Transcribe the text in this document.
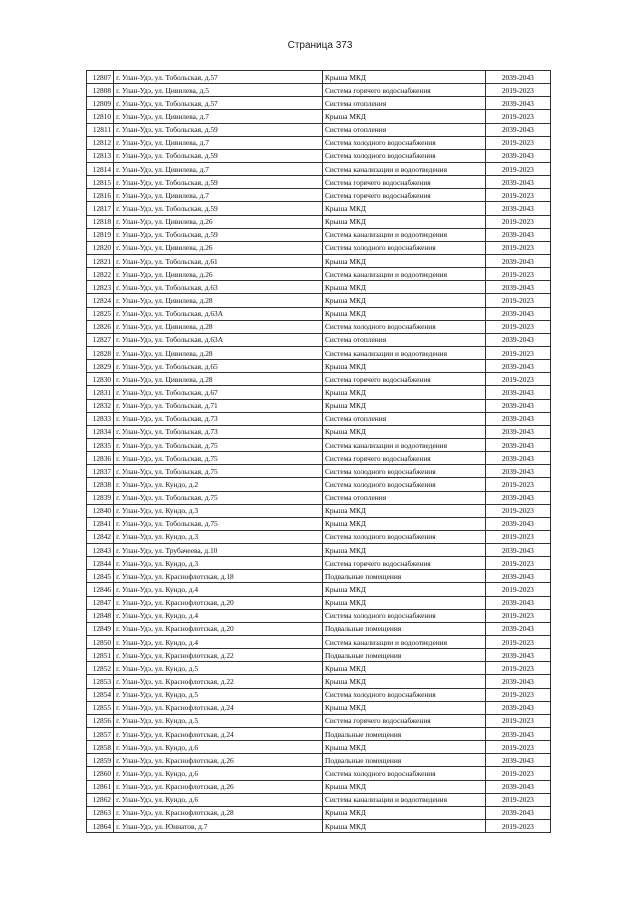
Страница 373
12807	г. Улан-Удэ, ул. Тобольская, д.57	Крыша МКД	2039-2043
12808	г. Улан-Удэ, ул. Цивилева, д.5	Система горячего водоснабжения	2019-2023
12809	г. Улан-Удэ, ул. Тобольская, д.57	Система отопления	2039-2043
12810	г. Улан-Удэ, ул. Цивилева, д.7	Крыша МКД	2019-2023
12811	г. Улан-Удэ, ул. Тобольская, д.59	Система отопления	2039-2043
12812	г. Улан-Удэ, ул. Цивилева, д.7	Система холодного водоснабжения	2019-2023
12813	г. Улан-Удэ, ул. Тобольская, д.59	Система холодного водоснабжения	2039-2043
12814	г. Улан-Удэ, ул. Цивилева, д.7	Система канализации и водоотведения	2019-2023
12815	г. Улан-Удэ, ул. Тобольская, д.59	Система горячего водоснабжения	2039-2043
12816	г. Улан-Удэ, ул. Цивилева, д.7	Система горячего водоснабжения	2019-2023
12817	г. Улан-Удэ, ул. Тобольская, д.59	Крыша МКД	2039-2043
12818	г. Улан-Удэ, ул. Цивилева, д.26	Крыша МКД	2019-2023
12819	г. Улан-Удэ, ул. Тобольская, д.59	Система канализации и водоотведения	2039-2043
12820	г. Улан-Удэ, ул. Цивилева, д.26	Система холодного водоснабжения	2019-2023
12821	г. Улан-Удэ, ул. Тобольская, д.61	Крыша МКД	2039-2043
12822	г. Улан-Удэ, ул. Цивилева, д.26	Система канализации и водоотведения	2019-2023
12823	г. Улан-Удэ, ул. Тобольская, д.63	Крыша МКД	2039-2043
12824	г. Улан-Удэ, ул. Цивилева, д.28	Крыша МКД	2019-2023
12825	г. Улан-Удэ, ул. Тобольская, д.63А	Крыша МКД	2039-2043
12826	г. Улан-Удэ, ул. Цивилева, д.28	Система холодного водоснабжения	2019-2023
12827	г. Улан-Удэ, ул. Тобольская, д.63А	Система отопления	2039-2043
12828	г. Улан-Удэ, ул. Цивилева, д.28	Система канализации и водоотведения	2019-2023
12829	г. Улан-Удэ, ул. Тобольская, д.65	Крыша МКД	2039-2043
12830	г. Улан-Удэ, ул. Цивилева, д.28	Система горячего водоснабжения	2019-2023
12831	г. Улан-Удэ, ул. Тобольская, д.67	Крыша МКД	2039-2043
12832	г. Улан-Удэ, ул. Тобольская, д.71	Крыша МКД	2039-2043
12833	г. Улан-Удэ, ул. Тобольская, д.73	Система отопления	2039-2043
12834	г. Улан-Удэ, ул. Тобольская, д.73	Крыша МКД	2039-2043
12835	г. Улан-Удэ, ул. Тобольская, д.75	Система канализации и водоотведения	2039-2043
12836	г. Улан-Удэ, ул. Тобольская, д.75	Система горячего водоснабжения	2039-2043
12837	г. Улан-Удэ, ул. Тобольская, д.75	Система холодного водоснабжения	2039-2043
12838	г. Улан-Удэ, ул. Кундо, д.2	Система холодного водоснабжения	2019-2023
12839	г. Улан-Удэ, ул. Тобольская, д.75	Система отопления	2039-2043
12840	г. Улан-Удэ, ул. Кундо, д.3	Крыша МКД	2019-2023
12841	г. Улан-Удэ, ул. Тобольская, д.75	Крыша МКД	2039-2043
12842	г. Улан-Удэ, ул. Кундо, д.3	Система холодного водоснабжения	2019-2023
12843	г. Улан-Удэ, ул. Трубачеева, д.10	Крыша МКД	2039-2043
12844	г. Улан-Удэ, ул. Кундо, д.3	Система горячего водоснабжения	2019-2023
12845	г. Улан-Удэ, ул. Краснофлотская, д.18	Подвальные помещения	2039-2043
12846	г. Улан-Удэ, ул. Кундо, д.4	Крыша МКД	2019-2023
12847	г. Улан-Удэ, ул. Краснофлотская, д.20	Крыша МКД	2039-2043
12848	г. Улан-Удэ, ул. Кундо, д.4	Система холодного водоснабжения	2019-2023
12849	г. Улан-Удэ, ул. Краснофлотская, д.20	Подвальные помещения	2039-2043
12850	г. Улан-Удэ, ул. Кундо, д.4	Система канализации и водоотведения	2019-2023
12851	г. Улан-Удэ, ул. Краснофлотская, д.22	Подвальные помещения	2039-2043
12852	г. Улан-Удэ, ул. Кундо, д.5	Крыша МКД	2019-2023
12853	г. Улан-Удэ, ул. Краснофлотская, д.22	Крыша МКД	2039-2043
12854	г. Улан-Удэ, ул. Кундо, д.5	Система холодного водоснабжения	2019-2023
12855	г. Улан-Удэ, ул. Краснофлотская, д.24	Крыша МКД	2039-2043
12856	г. Улан-Удэ, ул. Кундо, д.5	Система горячего водоснабжения	2019-2023
12857	г. Улан-Удэ, ул. Краснофлотская, д.24	Подвальные помещения	2039-2043
12858	г. Улан-Удэ, ул. Кундо, д.6	Крыша МКД	2019-2023
12859	г. Улан-Удэ, ул. Краснофлотская, д.26	Подвальные помещения	2039-2043
12860	г. Улан-Удэ, ул. Кундо, д.6	Система холодного водоснабжения	2019-2023
12861	г. Улан-Удэ, ул. Краснофлотская, д.26	Крыша МКД	2039-2043
12862	г. Улан-Удэ, ул. Кундо, д.6	Система канализации и водоотведения	2019-2023
12863	г. Улан-Удэ, ул. Краснофлотская, д.28	Крыша МКД	2039-2043
12864	г. Улан-Удэ, ул. Юннатов, д.7	Крыша МКД	2019-2023
